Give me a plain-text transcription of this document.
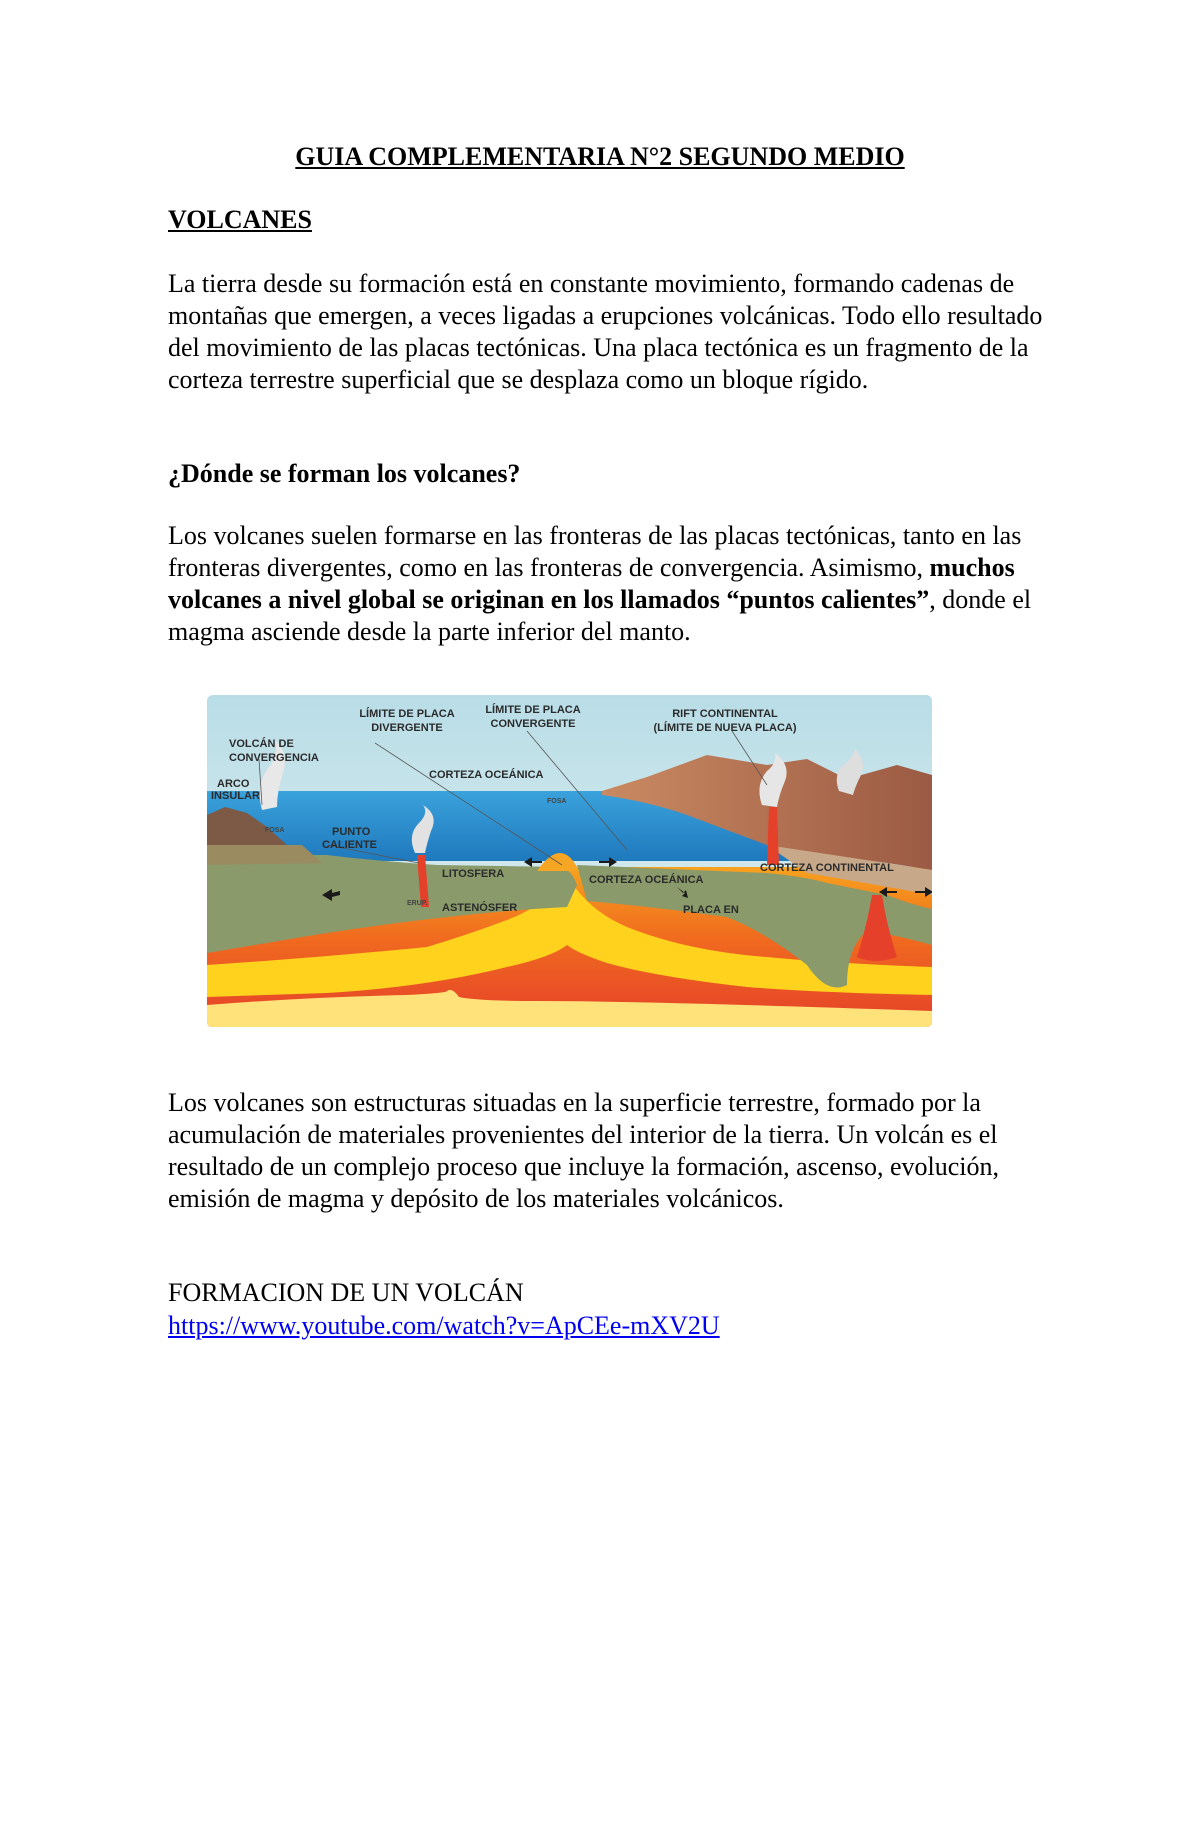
GUIA COMPLEMENTARIA N°2 SEGUNDO MEDIO
VOLCANES

La tierra desde su formación está en constante movimiento, formando cadenas de montañas que emergen, a veces ligadas a erupciones volcánicas. Todo ello resultado del movimiento de las placas tectónicas. Una placa tectónica es un fragmento de la corteza terrestre superficial que se desplaza como un bloque rígido.

¿Dónde se forman los volcanes?

Los volcanes suelen formarse en las fronteras de las placas tectónicas, tanto en las fronteras divergentes, como en las fronteras de convergencia. Asimismo, muchos volcanes a nivel global se originan en los llamados “puntos calientes”, donde el magma asciende desde la parte inferior del manto.

LÍMITE DE PLACA
DIVERGENTE
LÍMITE DE PLACA
CONVERGENTE
RIFT CONTINENTAL
(LÍMITE DE NUEVA PLACA)
VOLCÁN DE
CONVERGENCIA
CORTEZA OCEÁNICA
ARCO
INSULAR
FOSA
FOSA
PUNTO
CALIENTE
CORTEZA CONTINENTAL
LITOSFERA	CORTEZA OCEÁNICA
ASTENÓSFER	PLACA EN
ERUP.

Los volcanes son estructuras situadas en la superficie terrestre, formado por la acumulación de materiales provenientes del interior de la tierra. Un volcán es el resultado de un complejo proceso que incluye la formación, ascenso, evolución, emisión de magma y depósito de los materiales volcánicos.

FORMACION DE UN VOLCÁN
https://www.youtube.com/watch?v=ApCEe-mXV2U
